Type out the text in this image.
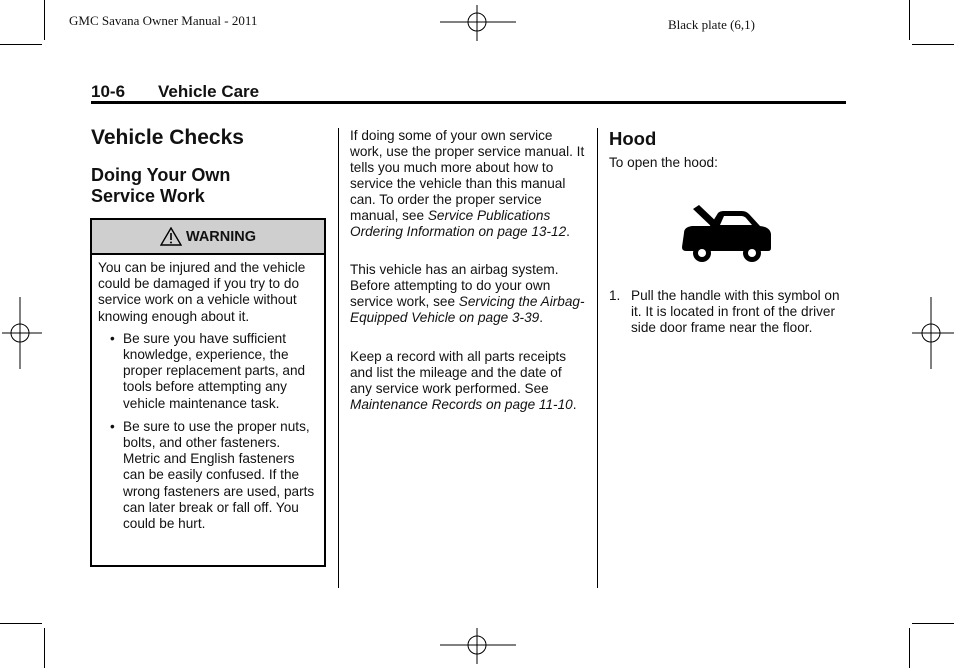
GMC Savana Owner Manual - 2011	Black plate (6,1)
10-6 Vehicle Care
Vehicle Checks
Doing Your Own
Service Work
WARNING
You can be injured and the vehicle could be damaged if you try to do service work on a vehicle without knowing enough about it.
• Be sure you have sufficient knowledge, experience, the proper replacement parts, and tools before attempting any vehicle maintenance task.
• Be sure to use the proper nuts, bolts, and other fasteners. Metric and English fasteners can be easily confused. If the wrong fasteners are used, parts can later break or fall off. You could be hurt.
If doing some of your own service work, use the proper service manual. It tells you much more about how to service the vehicle than this manual can. To order the proper service manual, see Service Publications Ordering Information on page 13-12.
This vehicle has an airbag system. Before attempting to do your own service work, see Servicing the Airbag-Equipped Vehicle on page 3-39.
Keep a record with all parts receipts and list the mileage and the date of any service work performed. See Maintenance Records on page 11-10.
Hood
To open the hood:
1. Pull the handle with this symbol on it. It is located in front of the driver side door frame near the floor.
